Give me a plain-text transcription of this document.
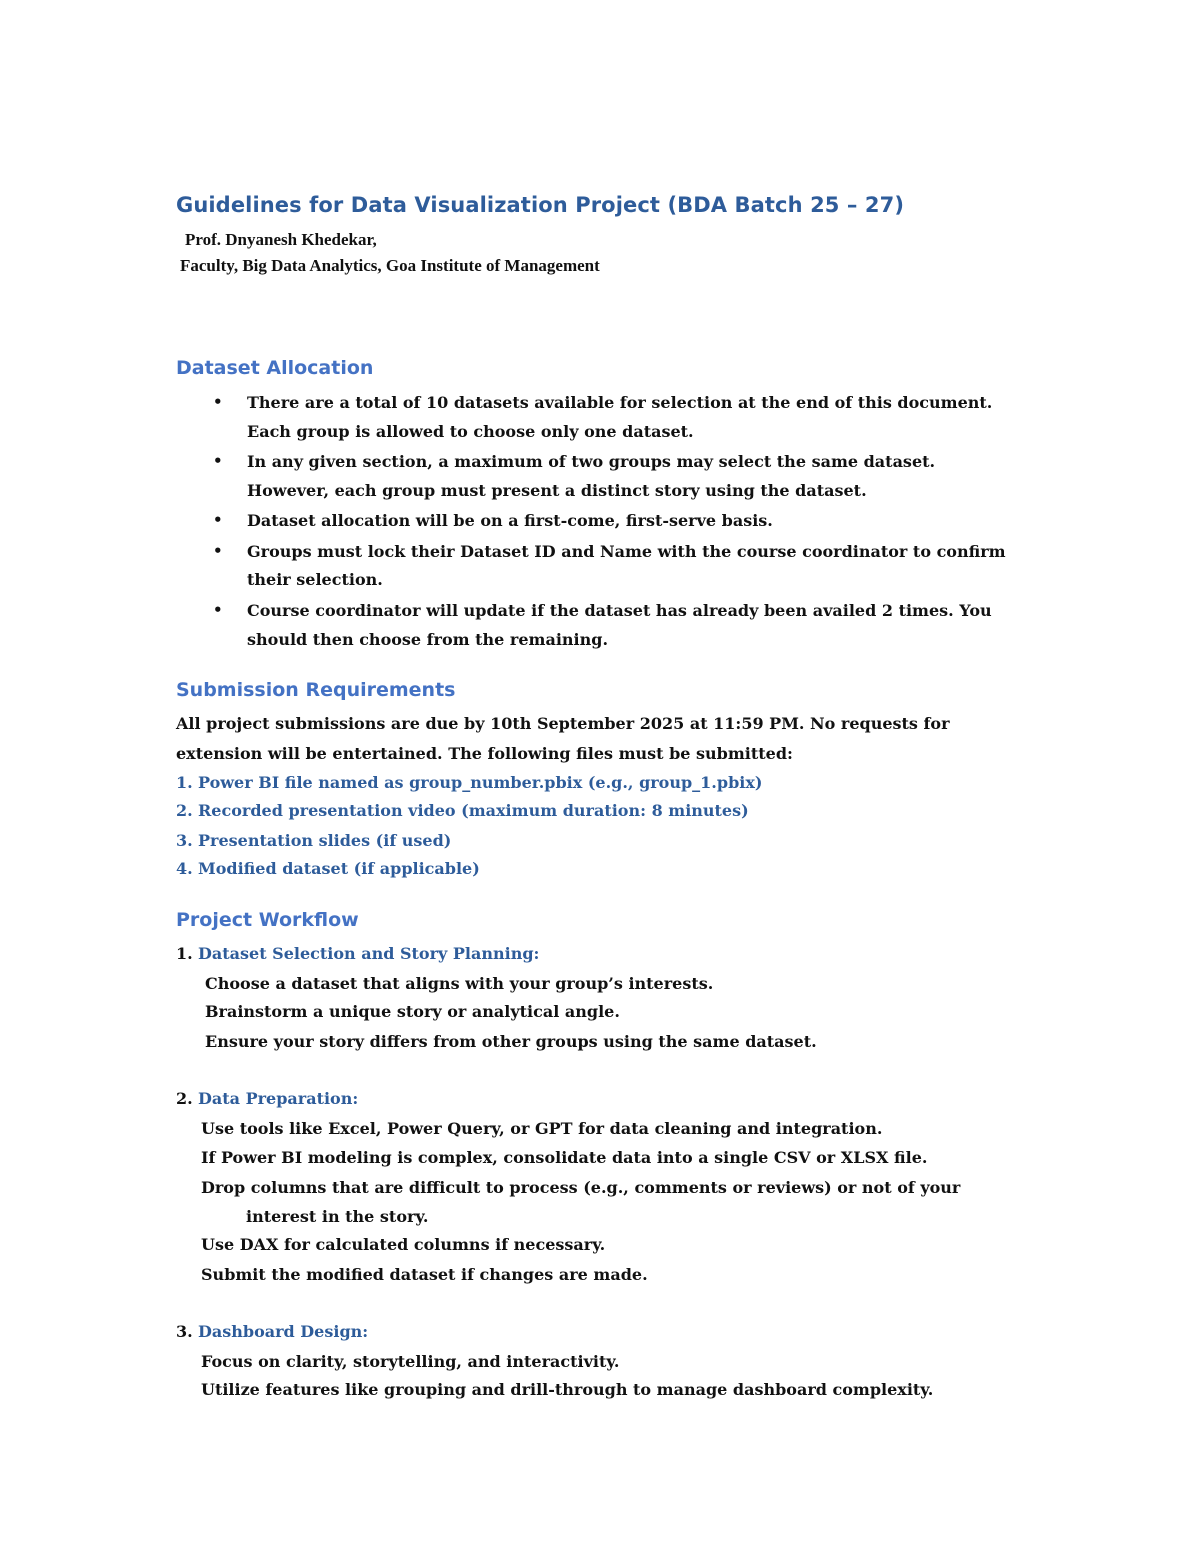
Guidelines for Data Visualization Project (BDA Batch 25 – 27)
Prof. Dnyanesh Khedekar,
Faculty, Big Data Analytics, Goa Institute of Management
Dataset Allocation
• There are a total of 10 datasets available for selection at the end of this document.
Each group is allowed to choose only one dataset.
• In any given section, a maximum of two groups may select the same dataset.
However, each group must present a distinct story using the dataset.
• Dataset allocation will be on a first-come, first-serve basis.
• Groups must lock their Dataset ID and Name with the course coordinator to confirm
their selection.
• Course coordinator will update if the dataset has already been availed 2 times. You
should then choose from the remaining.
Submission Requirements
All project submissions are due by 10th September 2025 at 11:59 PM. No requests for
extension will be entertained. The following files must be submitted:
1. Power BI file named as group_number.pbix (e.g., group_1.pbix)
2. Recorded presentation video (maximum duration: 8 minutes)
3. Presentation slides (if used)
4. Modified dataset (if applicable)
Project Workflow
1. Dataset Selection and Story Planning:
Choose a dataset that aligns with your group’s interests.
Brainstorm a unique story or analytical angle.
Ensure your story differs from other groups using the same dataset.
2. Data Preparation:
Use tools like Excel, Power Query, or GPT for data cleaning and integration.
If Power BI modeling is complex, consolidate data into a single CSV or XLSX file.
Drop columns that are difficult to process (e.g., comments or reviews) or not of your
interest in the story.
Use DAX for calculated columns if necessary.
Submit the modified dataset if changes are made.
3. Dashboard Design:
Focus on clarity, storytelling, and interactivity.
Utilize features like grouping and drill-through to manage dashboard complexity.
